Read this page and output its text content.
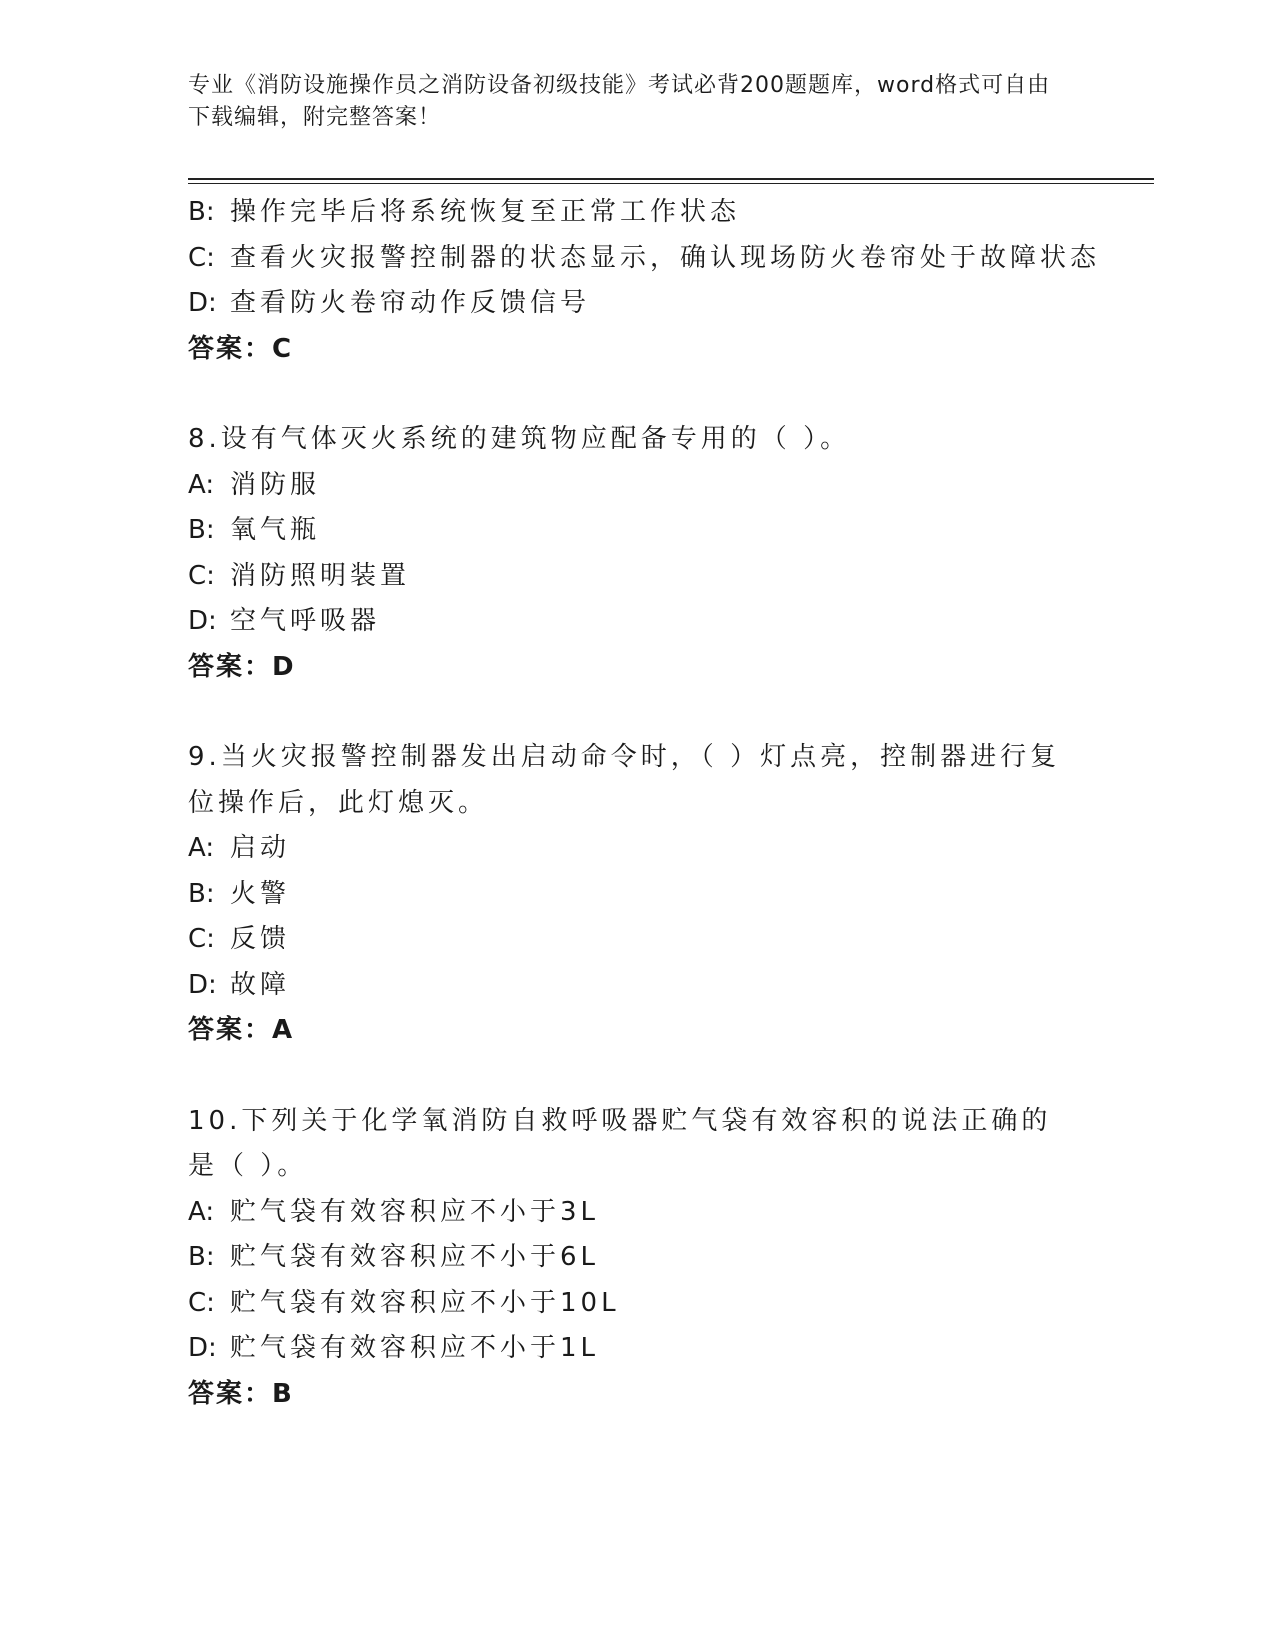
专业《消防设施操作员之消防设备初级技能》考试必背200题题库，word格式可自由下载编辑，附完整答案！
B: 操作完毕后将系统恢复至正常工作状态
C: 查看火灾报警控制器的状态显示，确认现场防火卷帘处于故障状态
D: 查看防火卷帘动作反馈信号
答案：C
8.设有气体灭火系统的建筑物应配备专用的（ ）。
A: 消防服
B: 氧气瓶
C: 消防照明装置
D: 空气呼吸器
答案：D
9.当火灾报警控制器发出启动命令时，（ ）灯点亮，控制器进行复位操作后，此灯熄灭。
A: 启动
B: 火警
C: 反馈
D: 故障
答案：A
10.下列关于化学氧消防自救呼吸器贮气袋有效容积的说法正确的是（ ）。
A: 贮气袋有效容积应不小于3L
B: 贮气袋有效容积应不小于6L
C: 贮气袋有效容积应不小于10L
D: 贮气袋有效容积应不小于1L
答案：B
